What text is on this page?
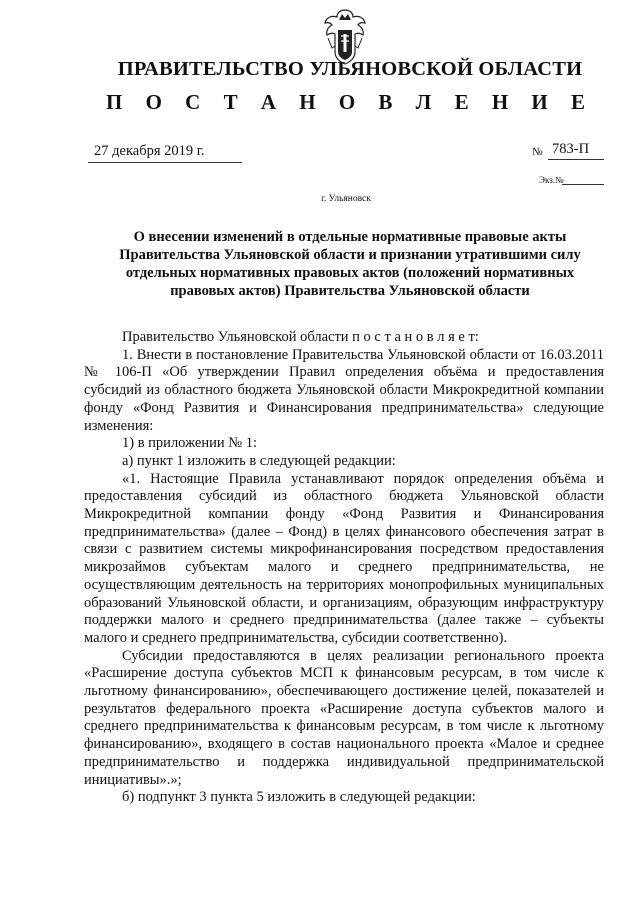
ПРАВИТЕЛЬСТВО УЛЬЯНОВСКОЙ ОБЛАСТИ
П О С Т А Н О В Л Е Н И Е
27 декабря 2019 г.	№ 783-П
Экз.№
г. Ульяновск
О внесении изменений в отдельные нормативные правовые акты Правительства Ульяновской области и признании утратившими силу отдельных нормативных правовых актов (положений нормативных правовых актов) Правительства Ульяновской области

Правительство Ульяновской области п о с т а н о в л я е т:

1. Внести в постановление Правительства Ульяновской области от 16.03.2011 № 106-П «Об утверждении Правил определения объёма и предоставления субсидий из областного бюджета Ульяновской области Микрокредитной компании фонду «Фонд Развития и Финансирования предпринимательства» следующие изменения:

1) в приложении № 1:

а) пункт 1 изложить в следующей редакции:

«1. Настоящие Правила устанавливают порядок определения объёма и предоставления субсидий из областного бюджета Ульяновской области Микрокредитной компании фонду «Фонд Развития и Финансирования предпринимательства» (далее – Фонд) в целях финансового обеспечения затрат в связи с развитием системы микрофинансирования посредством предоставления микрозаймов субъектам малого и среднего предпринимательства, не осуществляющим деятельность на территориях монопрофильных муниципальных образований Ульяновской области, и организациям, образующим инфраструктуру поддержки малого и среднего предпринимательства (далее также – субъекты малого и среднего предпринимательства, субсидии соответственно).

Субсидии предоставляются в целях реализации регионального проекта «Расширение доступа субъектов МСП к финансовым ресурсам, в том числе к льготному финансированию», обеспечивающего достижение целей, показателей и результатов федерального проекта «Расширение доступа субъектов малого и среднего предпринимательства к финансовым ресурсам, в том числе к льготному финансированию», входящего в состав национального проекта «Малое и среднее предпринимательство и поддержка индивидуальной предпринимательской инициативы».»;

б) подпункт 3 пункта 5 изложить в следующей редакции:
